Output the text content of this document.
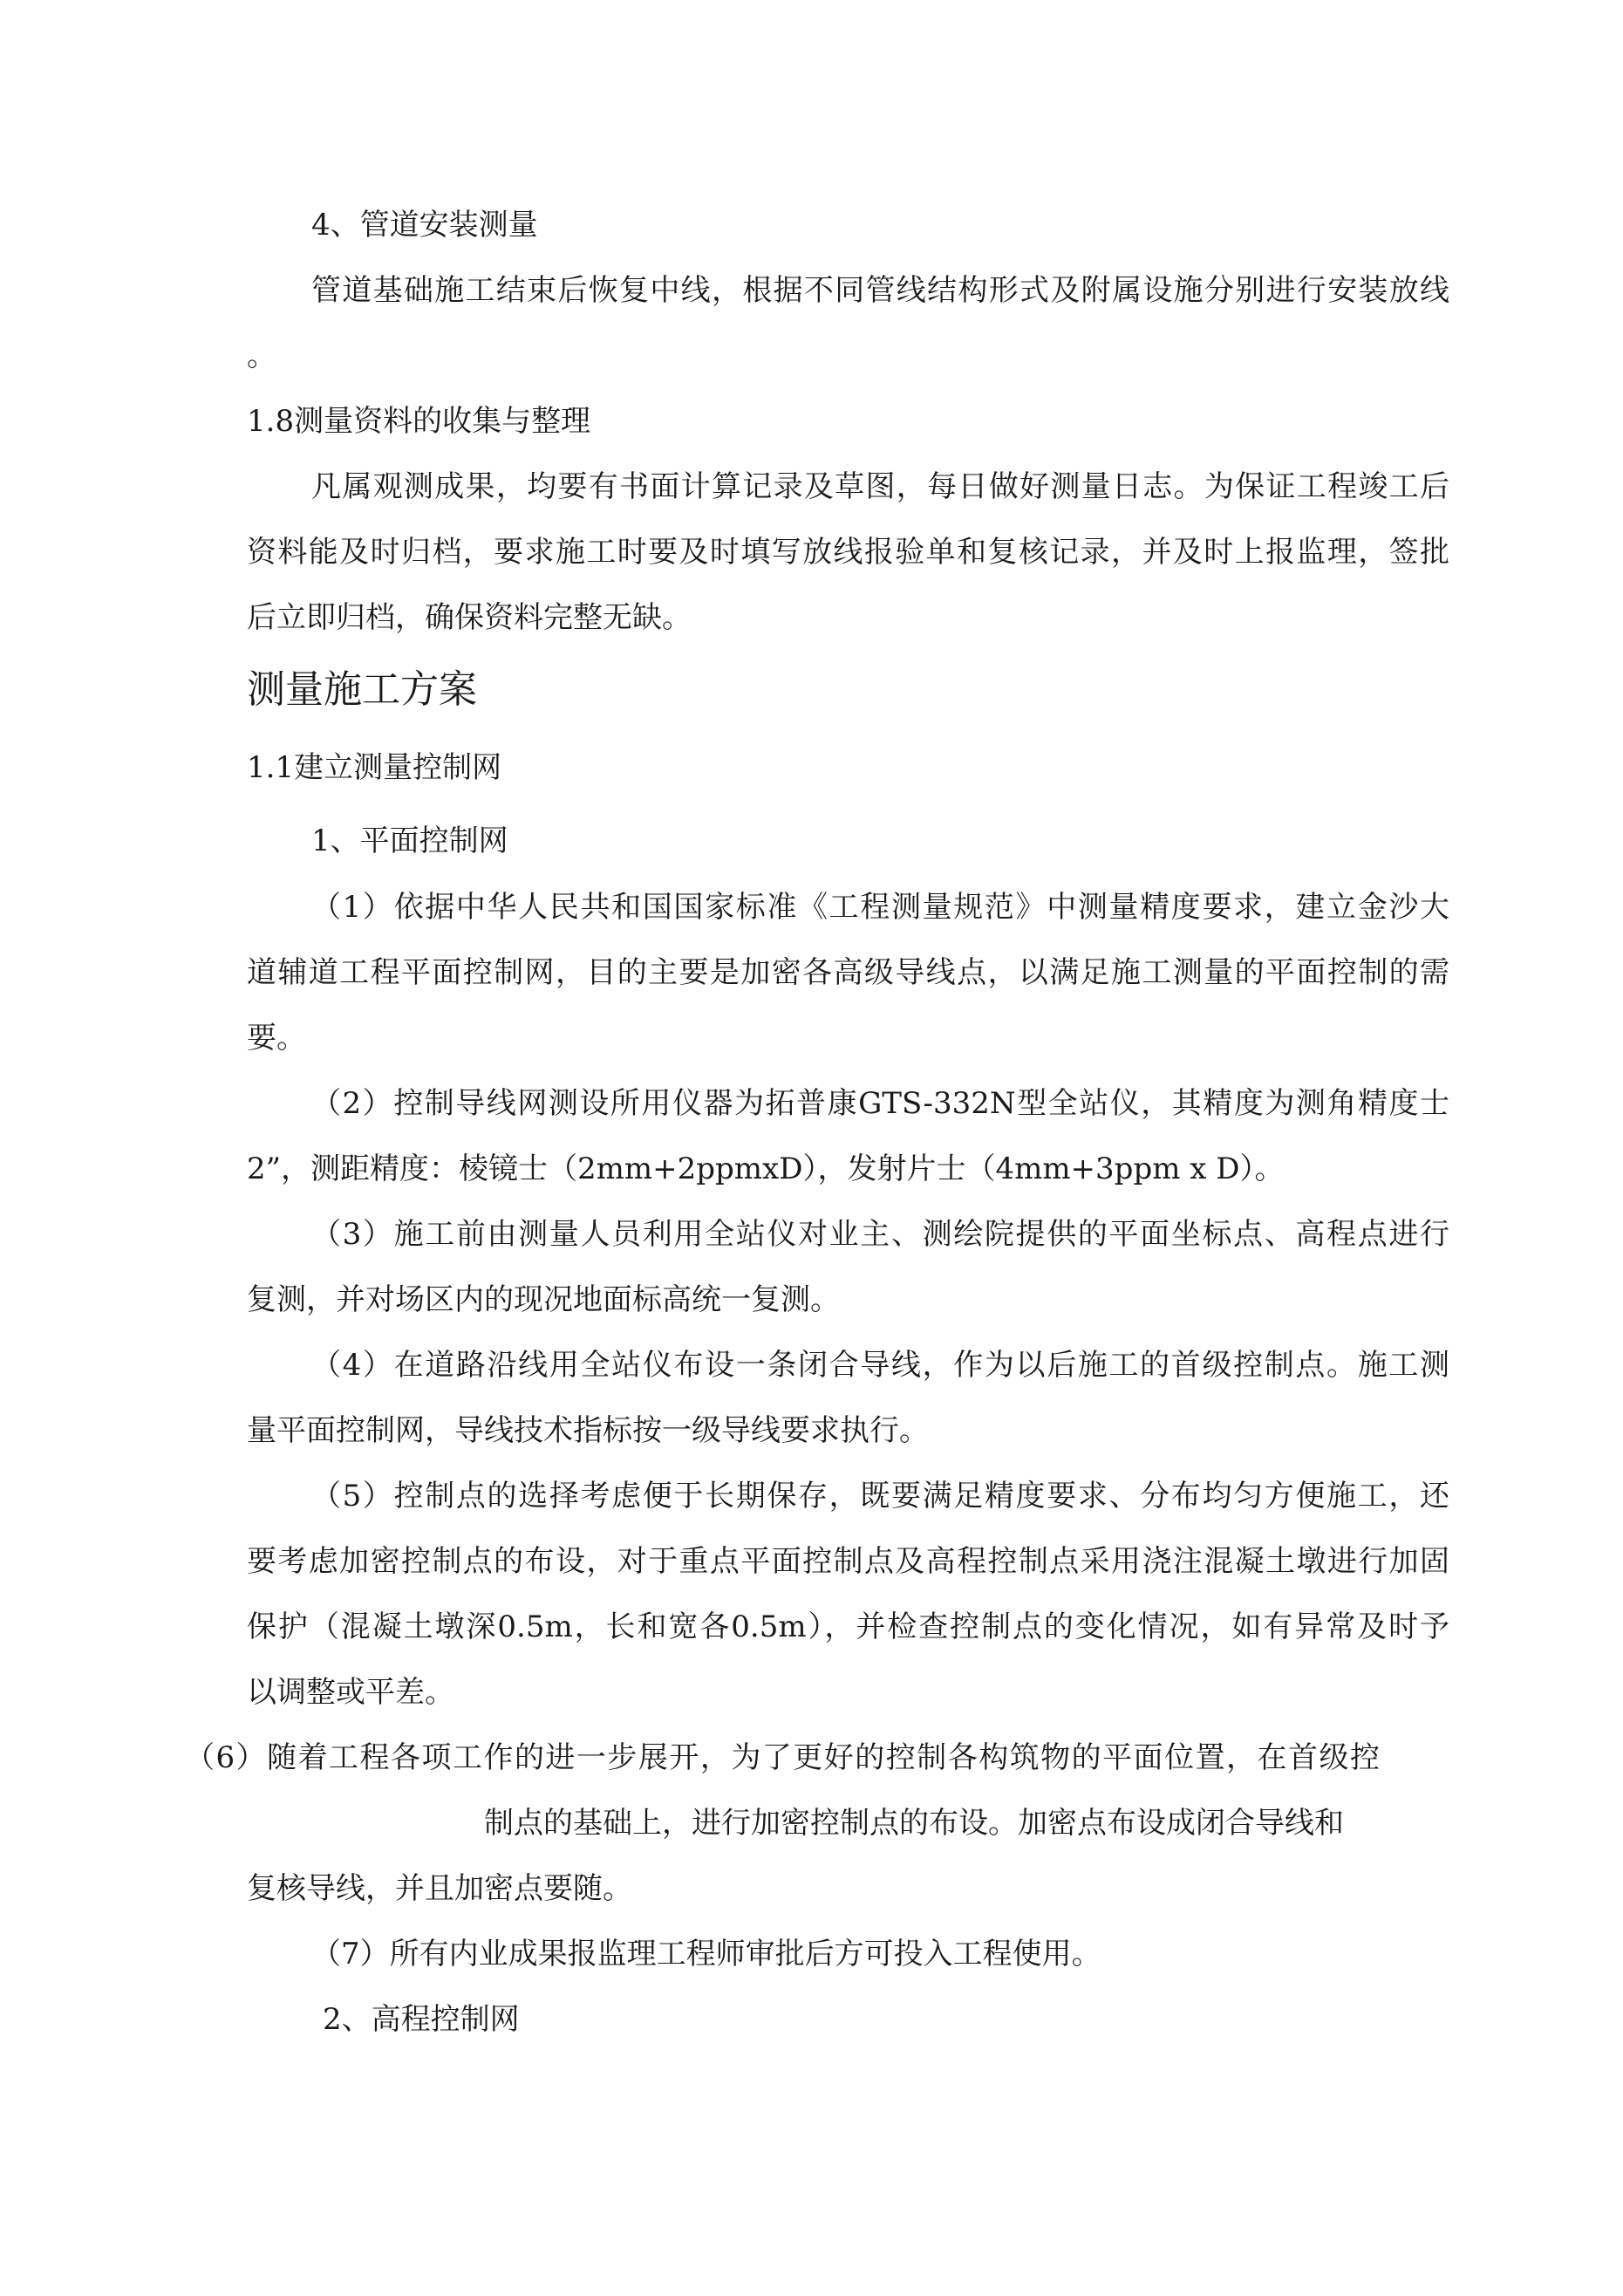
4、管道安装测量
管道基础施工结束后恢复中线，根据不同管线结构形式及附属设施分别进行安装放线
。
1.8测量资料的收集与整理
凡属观测成果，均要有书面计算记录及草图，每日做好测量日志。为保证工程竣工后
资料能及时归档，要求施工时要及时填写放线报验单和复核记录，并及时上报监理，签批
后立即归档，确保资料完整无缺。
测量施工方案
1.1建立测量控制网
1、平面控制网
（1）依据中华人民共和国国家标准《工程测量规范》中测量精度要求，建立金沙大
道辅道工程平面控制网，目的主要是加密各高级导线点，以满足施工测量的平面控制的需
要。
（2）控制导线网测设所用仪器为拓普康GTS-332N型全站仪，其精度为测角精度士
2”，测距精度：棱镜士（2mm+2ppmxD），发射片士（4mm+3ppm x D）。
（3）施工前由测量人员利用全站仪对业主、测绘院提供的平面坐标点、高程点进行
复测，并对场区内的现况地面标高统一复测。
（4）在道路沿线用全站仪布设一条闭合导线，作为以后施工的首级控制点。施工测
量平面控制网，导线技术指标按一级导线要求执行。
（5）控制点的选择考虑便于长期保存，既要满足精度要求、分布均匀方便施工，还
要考虑加密控制点的布设，对于重点平面控制点及高程控制点采用浇注混凝土墩进行加固
保护（混凝土墩深0.5m，长和宽各0.5m），并检查控制点的变化情况，如有异常及时予
以调整或平差。
（6）随着工程各项工作的进一步展开，为了更好的控制各构筑物的平面位置，在首级控
制点的基础上，进行加密控制点的布设。加密点布设成闭合导线和
复核导线，并且加密点要随。
（7）所有内业成果报监理工程师审批后方可投入工程使用。
2、高程控制网
